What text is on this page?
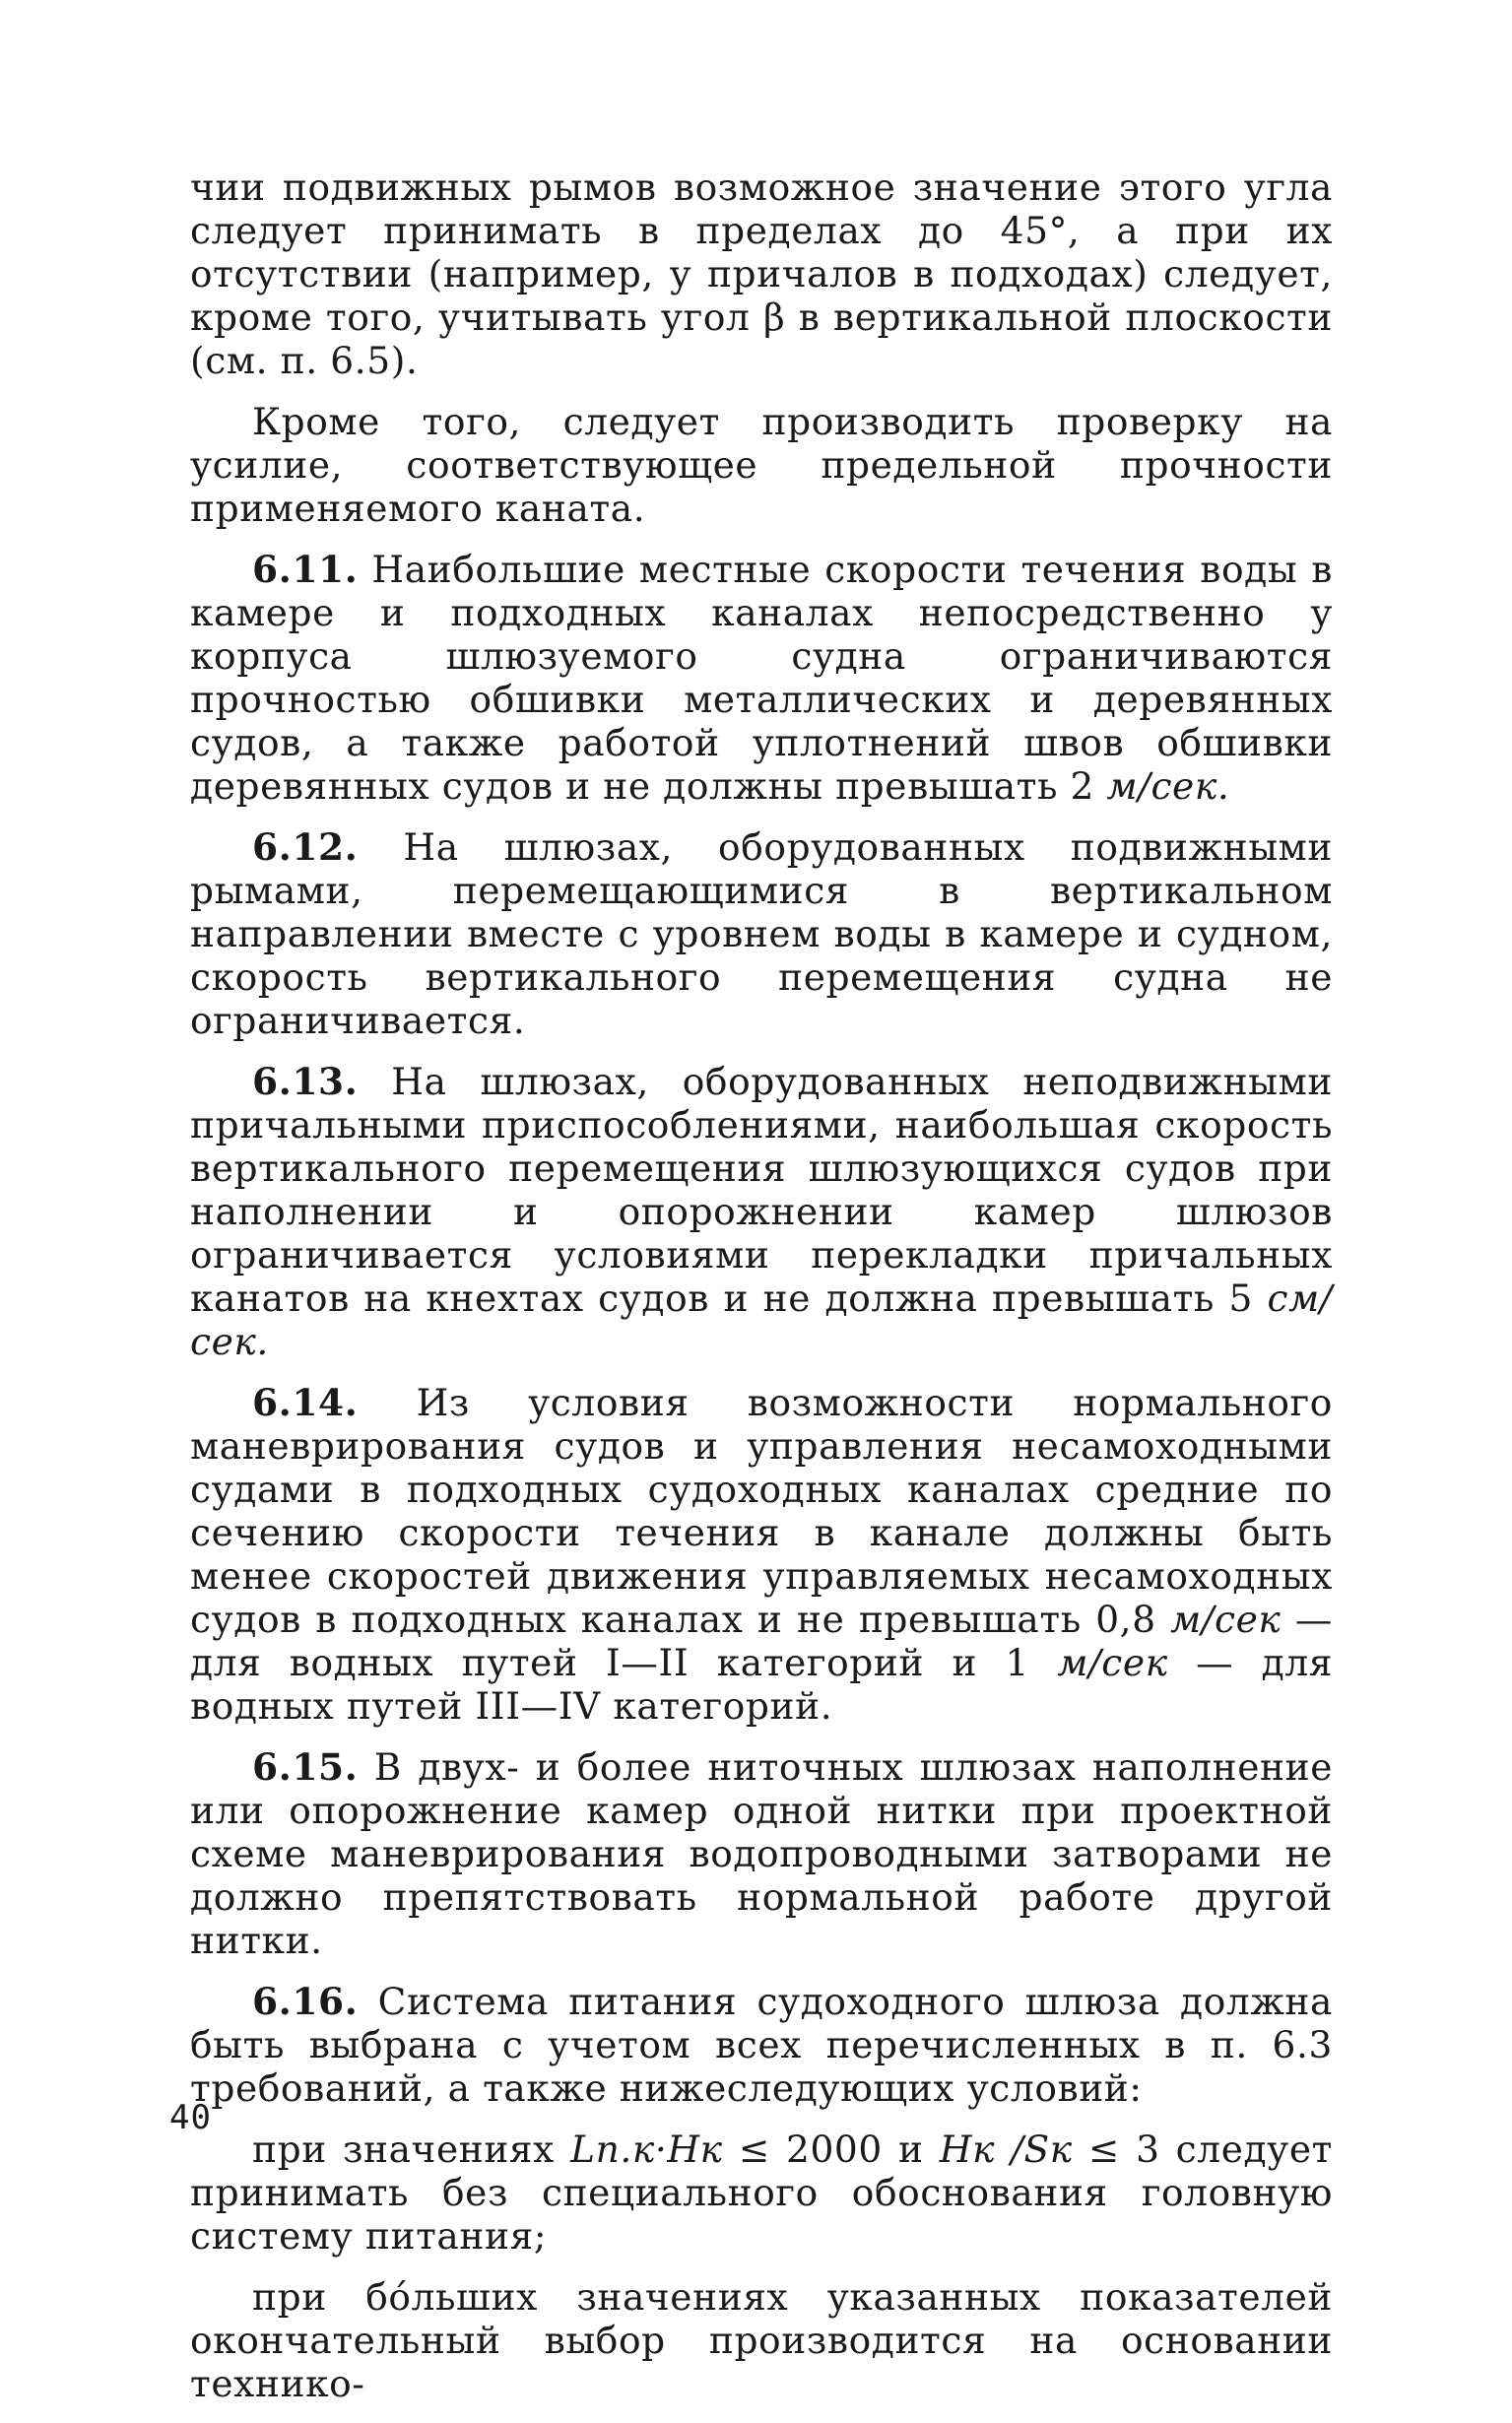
чии подвижных рымов возможное значение этого угла следует принимать в пределах до 45°, а при их отсутствии (например, у причалов в подходах) следует, кроме того, учитывать угол β в вертикальной плоскости (см. п. 6.5).

Кроме того, следует производить проверку на усилие, соответствующее предельной прочности применяемого каната.

6.11. Наибольшие местные скорости течения воды в камере и подходных каналах непосредственно у корпуса шлюзуемого судна ограничиваются прочностью обшивки металлических и деревянных судов, а также работой уплотнений швов обшивки деревянных судов и не должны превышать 2 м/сек.

6.12. На шлюзах, оборудованных подвижными рымами, перемещающимися в вертикальном направлении вместе с уровнем воды в камере и судном, скорость вертикального перемещения судна не ограничивается.

6.13. На шлюзах, оборудованных неподвижными причальными приспособлениями, наибольшая скорость вертикального перемещения шлюзующихся судов при наполнении и опорожнении камер шлюзов ограничивается условиями перекладки причальных канатов на кнехтах судов и не должна превышать 5 см/сек.

6.14. Из условия возможности нормального маневрирования судов и управления несамоходными судами в подходных судоходных каналах средние по сечению скорости течения в канале должны быть менее скоростей движения управляемых несамоходных судов в подходных каналах и не превышать 0,8 м/сек — для водных путей I—II категорий и 1 м/сек — для водных путей III—IV категорий.

6.15. В двух- и более ниточных шлюзах наполнение или опорожнение камер одной нитки при проектной схеме маневрирования водопроводными затворами не должно препятствовать нормальной работе другой нитки.

6.16. Система питания судоходного шлюза должна быть выбрана с учетом всех перечисленных в п. 6.3 требований, а также нижеследующих условий:

при значениях Lп.к·Hк ≤ 2000 и Hк /Sк ≤ 3 следует принимать без специального обоснования головную систему питания;

при бо́льших значениях указанных показателей окончательный выбор производится на основании технико-

40
